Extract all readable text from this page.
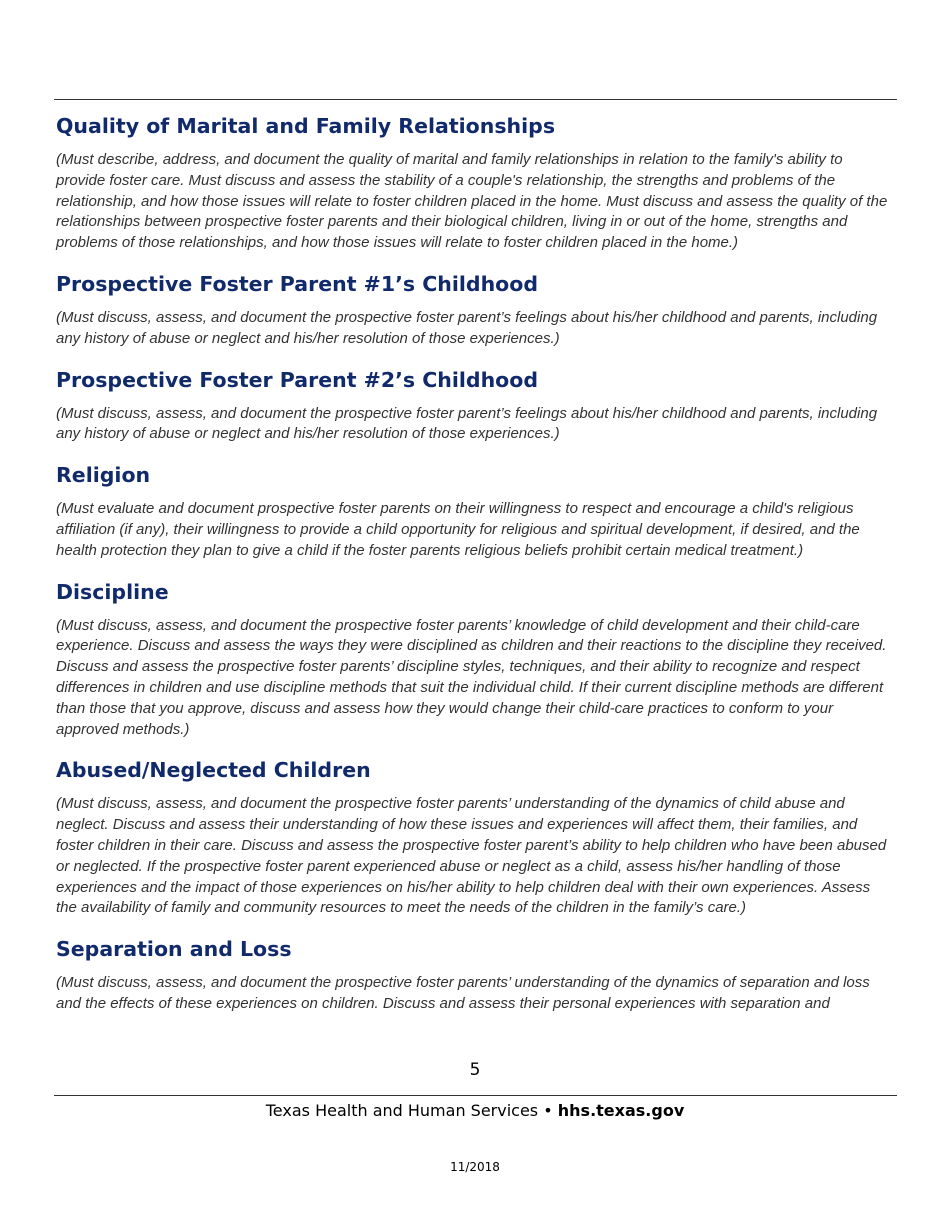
Quality of Marital and Family Relationships

(Must describe, address, and document the quality of marital and family relationships in relation to the family's ability to provide foster care. Must discuss and assess the stability of a couple's relationship, the strengths and problems of the relationship, and how those issues will relate to foster children placed in the home. Must discuss and assess the quality of the relationships between prospective foster parents and their biological children, living in or out of the home, strengths and problems of those relationships, and how those issues will relate to foster children placed in the home.)

Prospective Foster Parent #1’s Childhood

(Must discuss, assess, and document the prospective foster parent’s feelings about his/her childhood and parents, including any history of abuse or neglect and his/her resolution of those experiences.)

Prospective Foster Parent #2’s Childhood

(Must discuss, assess, and document the prospective foster parent’s feelings about his/her childhood and parents, including any history of abuse or neglect and his/her resolution of those experiences.)

Religion

(Must evaluate and document prospective foster parents on their willingness to respect and encourage a child's religious affiliation (if any), their willingness to provide a child opportunity for religious and spiritual development, if desired, and the health protection they plan to give a child if the foster parents religious beliefs prohibit certain medical treatment.)

Discipline

(Must discuss, assess, and document the prospective foster parents’ knowledge of child development and their child-care experience. Discuss and assess the ways they were disciplined as children and their reactions to the discipline they received. Discuss and assess the prospective foster parents’ discipline styles, techniques, and their ability to recognize and respect differences in children and use discipline methods that suit the individual child. If their current discipline methods are different than those that you approve, discuss and assess how they would change their child-care practices to conform to your approved methods.)

Abused/Neglected Children

(Must discuss, assess, and document the prospective foster parents’ understanding of the dynamics of child abuse and neglect. Discuss and assess their understanding of how these issues and experiences will affect them, their families, and foster children in their care. Discuss and assess the prospective foster parent’s ability to help children who have been abused or neglected. If the prospective foster parent experienced abuse or neglect as a child, assess his/her handling of those experiences and the impact of those experiences on his/her ability to help children deal with their own experiences. Assess the availability of family and community resources to meet the needs of the children in the family’s care.)

Separation and Loss

(Must discuss, assess, and document the prospective foster parents’ understanding of the dynamics of separation and loss and the effects of these experiences on children. Discuss and assess their personal experiences with separation and

5
Texas Health and Human Services • hhs.texas.gov
11/2018
